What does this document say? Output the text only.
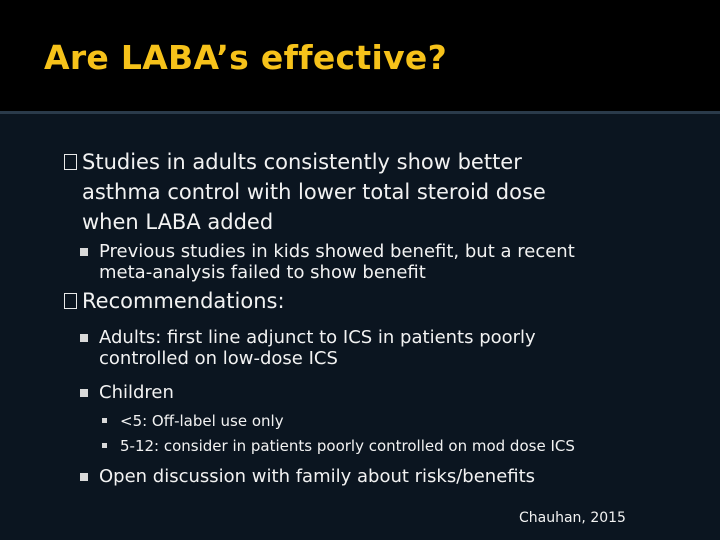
Are LABA’s effective?
Studies in adults consistently show better
asthma control with lower total steroid dose
when LABA added
Previous studies in kids showed benefit, but a recent
meta-analysis failed to show benefit
Recommendations:
Adults: first line adjunct to ICS in patients poorly
controlled on low-dose ICS
Children
<5: Off-label use only
5-12: consider in patients poorly controlled on mod dose ICS
Open discussion with family about risks/benefits
Chauhan, 2015
